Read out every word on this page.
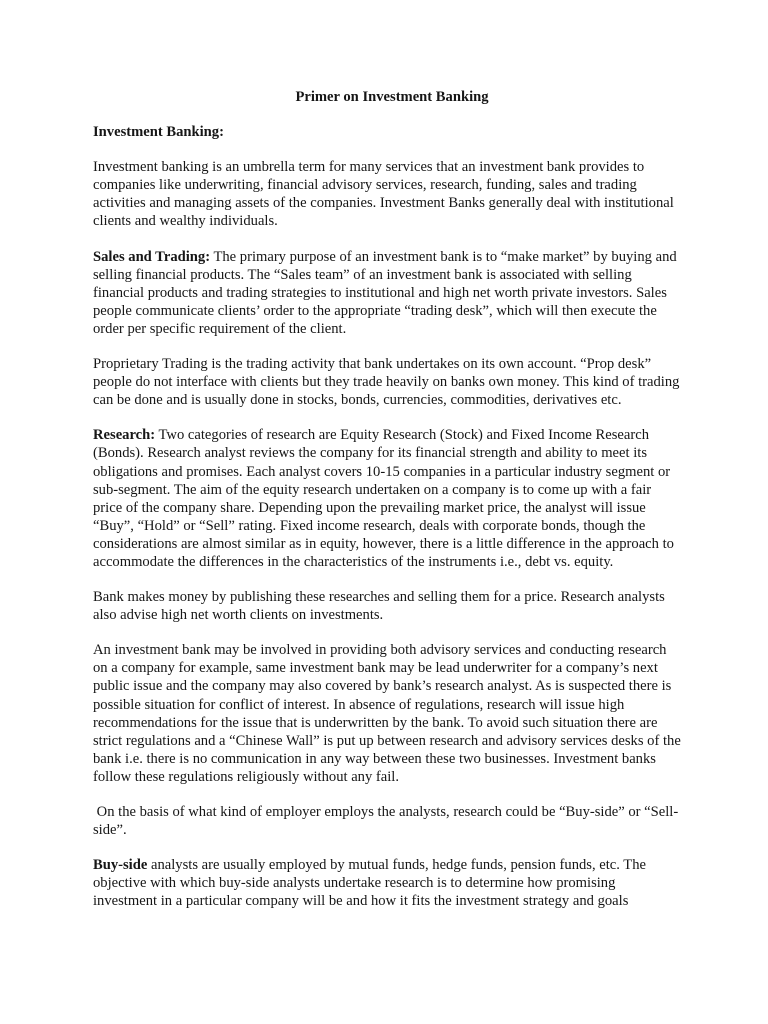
Primer on Investment Banking
Investment Banking:

Investment banking is an umbrella term for many services that an investment bank provides to companies like underwriting, financial advisory services, research, funding, sales and trading activities and managing assets of the companies. Investment Banks generally deal with institutional clients and wealthy individuals.

Sales and Trading: The primary purpose of an investment bank is to “make market” by buying and selling financial products. The “Sales team” of an investment bank is associated with selling financial products and trading strategies to institutional and high net worth private investors. Sales people communicate clients’ order to the appropriate “trading desk”, which will then execute the order per specific requirement of the client.

Proprietary Trading is the trading activity that bank undertakes on its own account. “Prop desk” people do not interface with clients but they trade heavily on banks own money. This kind of trading can be done and is usually done in stocks, bonds, currencies, commodities, derivatives etc.

Research: Two categories of research are Equity Research (Stock) and Fixed Income Research (Bonds). Research analyst reviews the company for its financial strength and ability to meet its obligations and promises. Each analyst covers 10-15 companies in a particular industry segment or sub-segment. The aim of the equity research undertaken on a company is to come up with a fair price of the company share. Depending upon the prevailing market price, the analyst will issue “Buy”, “Hold” or “Sell” rating. Fixed income research, deals with corporate bonds, though the considerations are almost similar as in equity, however, there is a little difference in the approach to accommodate the differences in the characteristics of the instruments i.e., debt vs. equity.

Bank makes money by publishing these researches and selling them for a price. Research analysts also advise high net worth clients on investments.

An investment bank may be involved in providing both advisory services and conducting research on a company for example, same investment bank may be lead underwriter for a company’s next public issue and the company may also covered by bank’s research analyst. As is suspected there is possible situation for conflict of interest. In absence of regulations, research will issue high recommendations for the issue that is underwritten by the bank. To avoid such situation there are strict regulations and a “Chinese Wall” is put up between research and advisory services desks of the bank i.e. there is no communication in any way between these two businesses. Investment banks follow these regulations religiously without any fail.

On the basis of what kind of employer employs the analysts, research could be “Buy-side” or “Sell-side”.

Buy-side analysts are usually employed by mutual funds, hedge funds, pension funds, etc. The objective with which buy-side analysts undertake research is to determine how promising investment in a particular company will be and how it fits the investment strategy and goals
